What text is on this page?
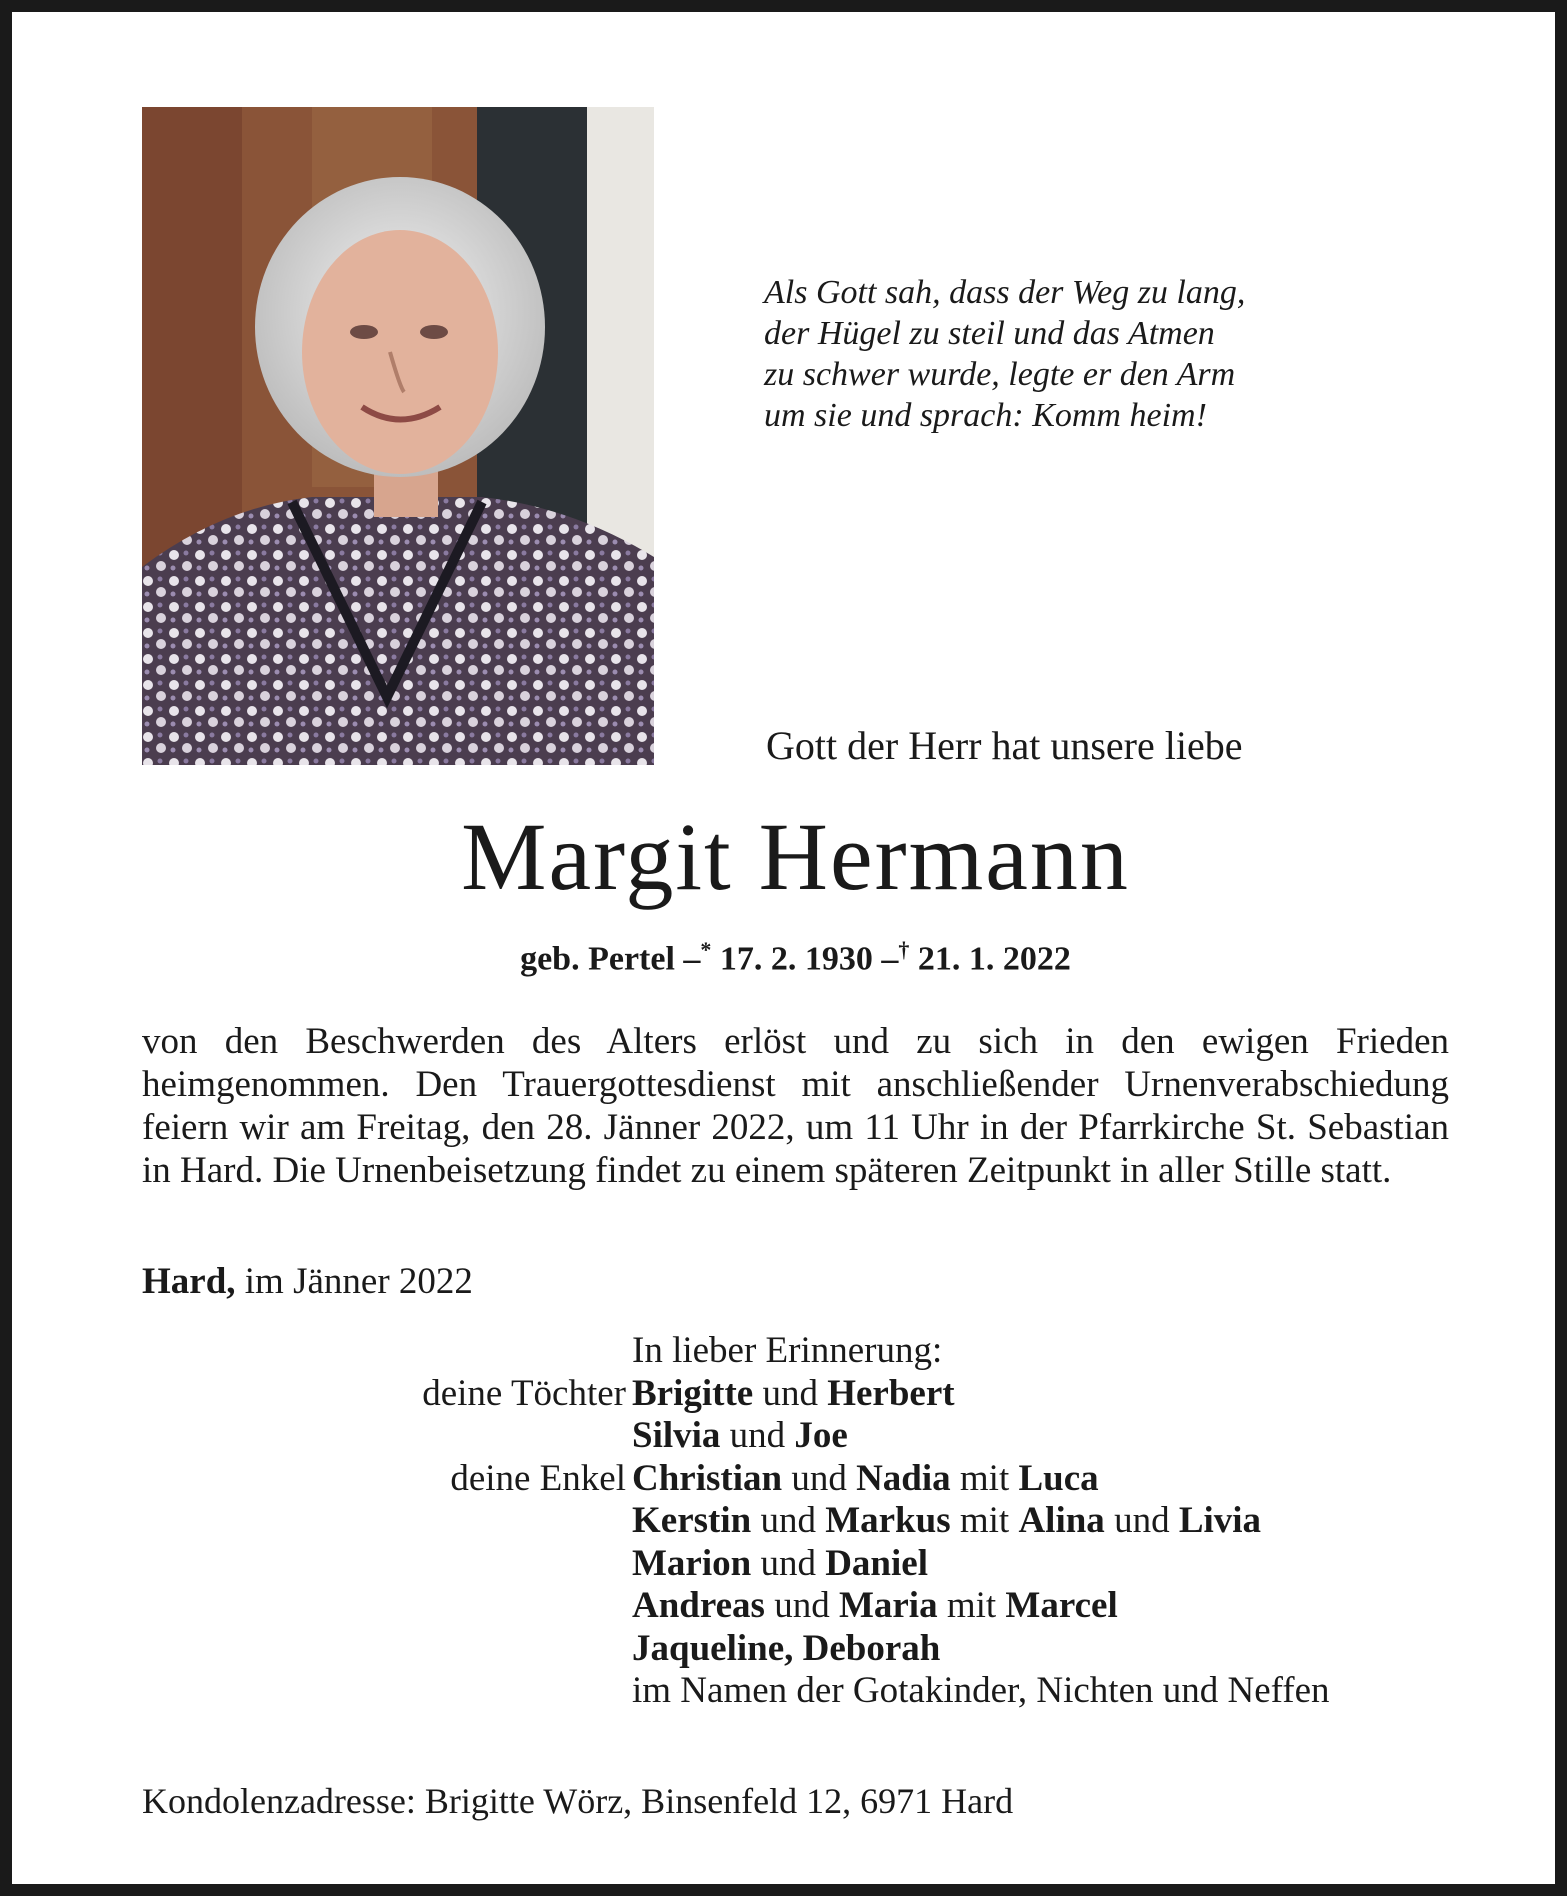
Als Gott sah, dass der Weg zu lang,
der Hügel zu steil und das Atmen
zu schwer wurde, legte er den Arm
um sie und sprach: Komm heim!
Gott der Herr hat unsere liebe
Margit Hermann
geb. Pertel –* 17. 2. 1930 –† 21. 1. 2022
von den Beschwerden des Alters erlöst und zu sich in den ewigen Frieden heimgenommen. Den Trauergottesdienst mit anschließender Urnenverabschiedung feiern wir am Freitag, den 28. Jänner 2022, um 11 Uhr in der Pfarrkirche St. Sebastian in Hard. Die Urnenbeisetzung findet zu einem späteren Zeitpunkt in aller Stille statt.
Hard, im Jänner 2022
In lieber Erinnerung:
deine Töchter Brigitte und Herbert
Silvia und Joe
deine Enkel Christian und Nadia mit Luca
Kerstin und Markus mit Alina und Livia
Marion und Daniel
Andreas und Maria mit Marcel
Jaqueline, Deborah
im Namen der Gotakinder, Nichten und Neffen
Kondolenzadresse: Brigitte Wörz, Binsenfeld 12, 6971 Hard
